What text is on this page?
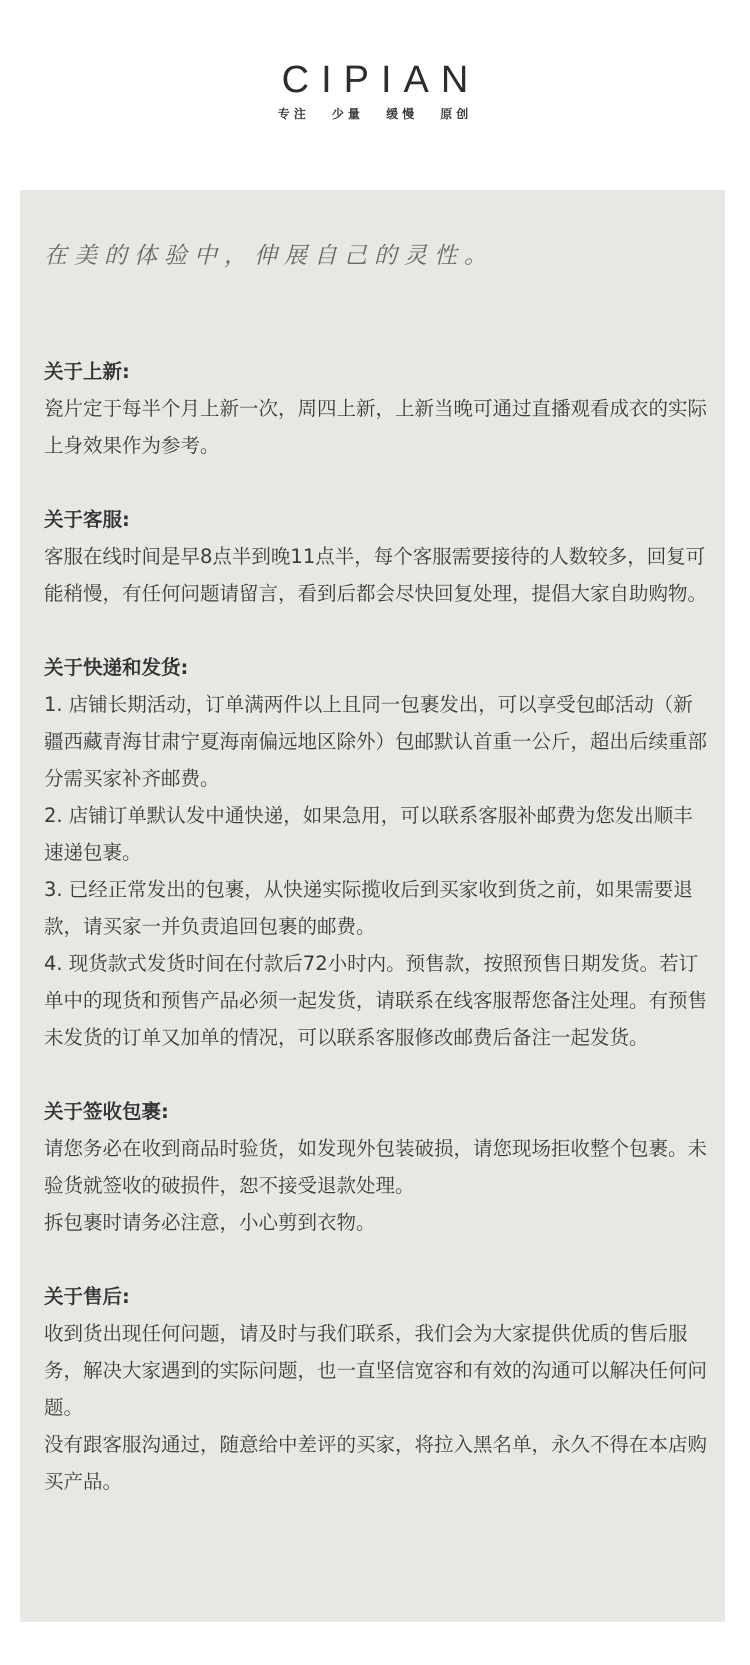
CIPIAN
专注 少量 缓慢 原创
在美的体验中，伸展自己的灵性。
关于上新:

瓷片定于每半个月上新一次，周四上新，上新当晚可通过直播观看成衣的实际上身效果作为参考。

关于客服:

客服在线时间是早8点半到晚11点半，每个客服需要接待的人数较多，回复可能稍慢，有任何问题请留言，看到后都会尽快回复处理，提倡大家自助购物。

关于快递和发货:

1. 店铺长期活动，订单满两件以上且同一包裹发出，可以享受包邮活动（新疆西藏青海甘肃宁夏海南偏远地区除外）包邮默认首重一公斤，超出后续重部分需买家补齐邮费。

2. 店铺订单默认发中通快递，如果急用，可以联系客服补邮费为您发出顺丰速递包裹。

3. 已经正常发出的包裹，从快递实际揽收后到买家收到货之前，如果需要退款，请买家一并负责追回包裹的邮费。

4. 现货款式发货时间在付款后72小时内。预售款，按照预售日期发货。若订单中的现货和预售产品必须一起发货，请联系在线客服帮您备注处理。有预售未发货的订单又加单的情况，可以联系客服修改邮费后备注一起发货。

关于签收包裹:

请您务必在收到商品时验货，如发现外包装破损，请您现场拒收整个包裹。未验货就签收的破损件，恕不接受退款处理。

拆包裹时请务必注意，小心剪到衣物。

关于售后:

收到货出现任何问题，请及时与我们联系，我们会为大家提供优质的售后服务，解决大家遇到的实际问题，也一直坚信宽容和有效的沟通可以解决任何问题。

没有跟客服沟通过，随意给中差评的买家，将拉入黑名单，永久不得在本店购买产品。
